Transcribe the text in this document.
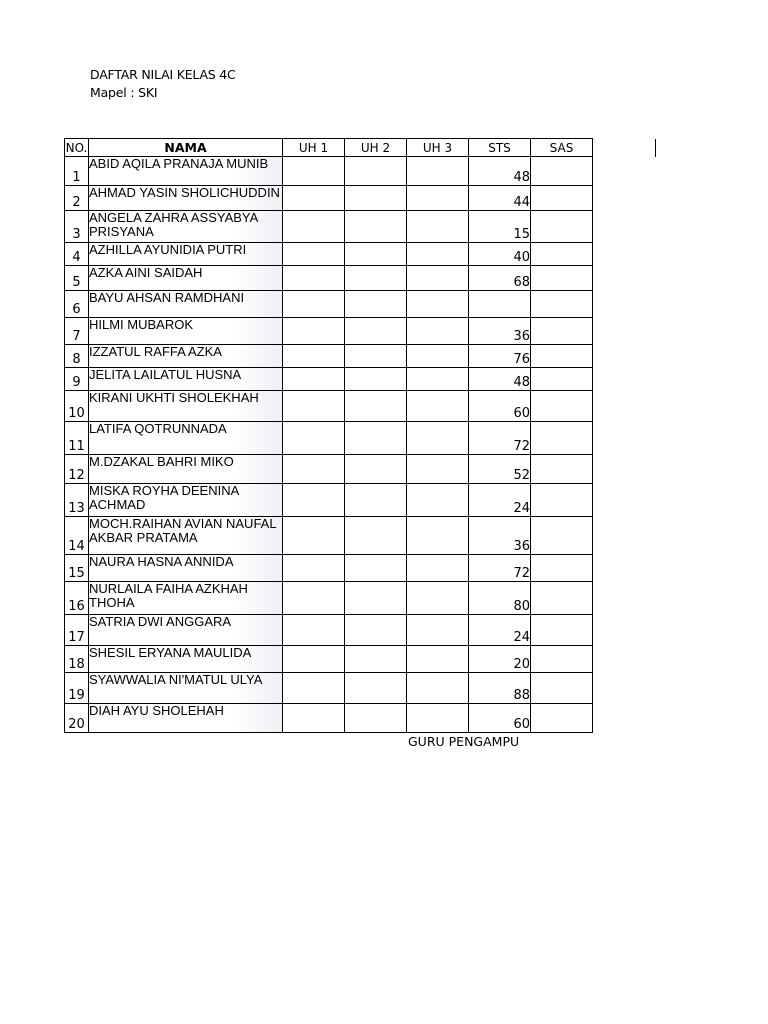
DAFTAR NILAI KELAS 4C
Mapel : SKI
NO.	NAMA	UH 1	UH 2	UH 3	STS	SAS
1	ABID AQILA PRANAJA MUNIB				48	
2	AHMAD YASIN SHOLICHUDDIN				44	
3	ANGELA ZAHRA ASSYABYA PRISYANA				15	
4	AZHILLA AYUNIDIA PUTRI				40	
5	AZKA AINI SAIDAH				68	
6	BAYU AHSAN RAMDHANI					
7	HILMI MUBAROK				36	
8	IZZATUL RAFFA AZKA				76	
9	JELITA LAILATUL HUSNA				48	
10	KIRANI UKHTI SHOLEKHAH				60	
11	LATIFA QOTRUNNADA				72	
12	M.DZAKAL BAHRI MIKO				52	
13	MISKA ROYHA DEENINA ACHMAD				24	
14	MOCH.RAIHAN AVIAN NAUFAL AKBAR PRATAMA				36	
15	NAURA HASNA ANNIDA				72	
16	NURLAILA FAIHA AZKHAH THOHA				80	
17	SATRIA DWI ANGGARA				24	
18	SHESIL ERYANA MAULIDA				20	
19	SYAWWALIA NI'MATUL ULYA				88	
20	DIAH AYU SHOLEHAH				60	
GURU PENGAMPU
